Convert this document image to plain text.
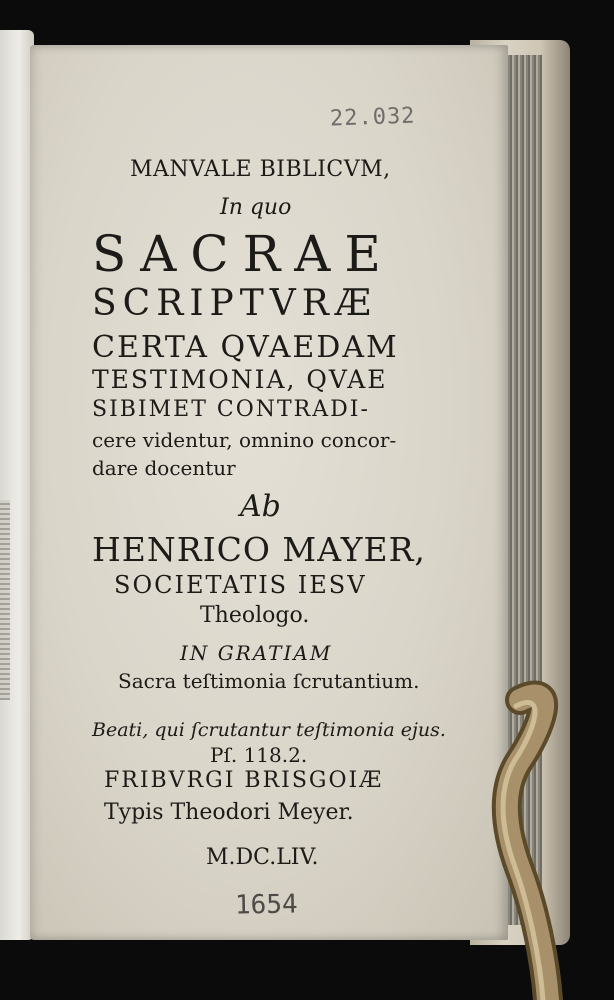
22.032
MANVALE BIBLICVM,
In quo
SACRAE
SCRIPTVRÆ
CERTA QVAEDAM
TESTIMONIA, QVAE
SIBIMET CONTRADI-
cere videntur, omnino concor-
dare docentur
Ab
HENRICO MAYER,
SOCIETATIS IESV
Theologo.
IN GRATIAM
Sacra teſtimonia ſcrutantium.
Beati, qui ſcrutantur teſtimonia ejus.
Pſ. 118.2.
FRIBVRGI BRISGOIÆ
Typis Theodori Meyer.
M.DC.LIV.
1654
